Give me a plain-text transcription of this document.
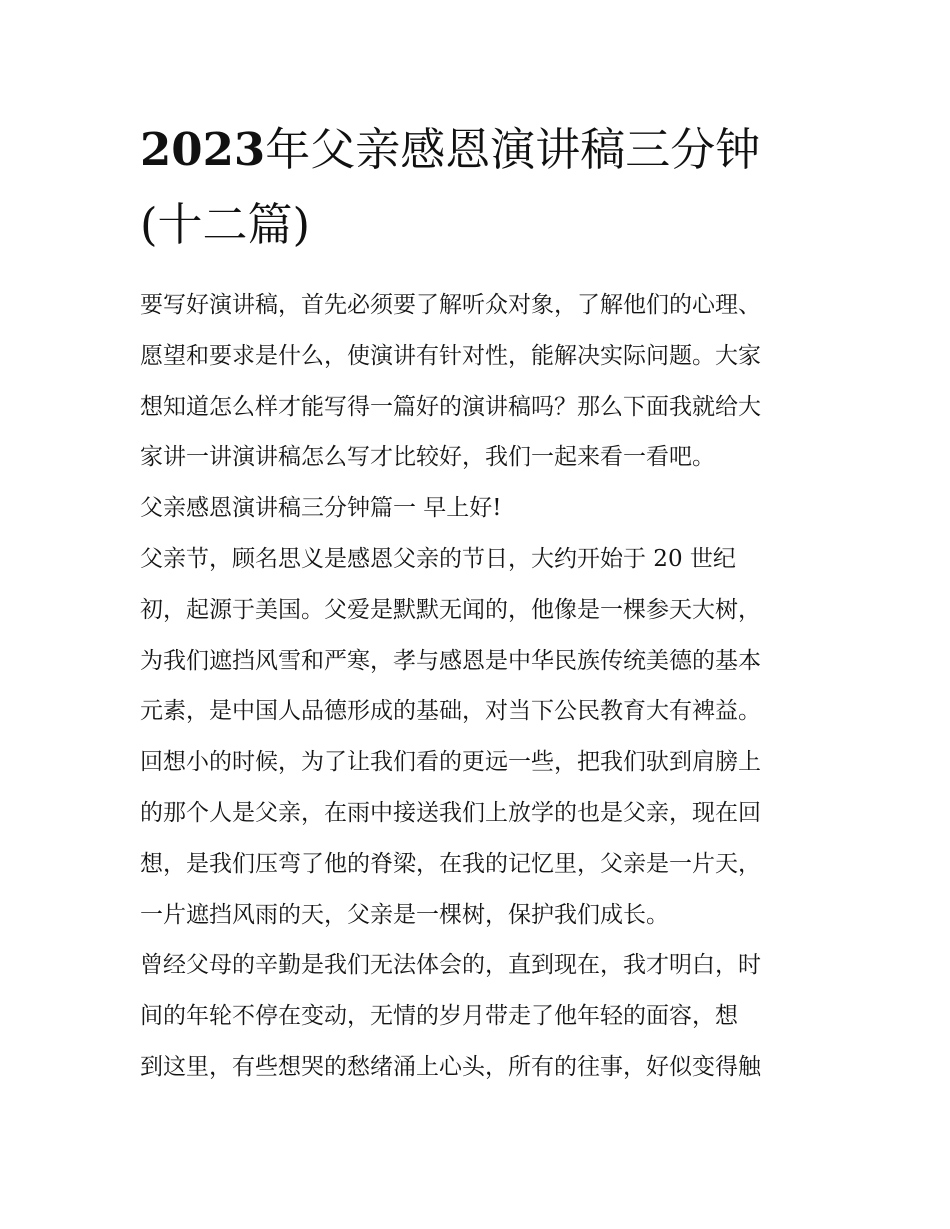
2023年父亲感恩演讲稿三分钟
(十二篇)
要写好演讲稿，首先必须要了解听众对象，了解他们的心理、
愿望和要求是什么，使演讲有针对性，能解决实际问题。大家
想知道怎么样才能写得一篇好的演讲稿吗？那么下面我就给大
家讲一讲演讲稿怎么写才比较好，我们一起来看一看吧。
父亲感恩演讲稿三分钟篇一 早上好!
父亲节，顾名思义是感恩父亲的节日，大约开始于 20 世纪
初，起源于美国。父爱是默默无闻的，他像是一棵参天大树，
为我们遮挡风雪和严寒，孝与感恩是中华民族传统美德的基本
元素，是中国人品德形成的基础，对当下公民教育大有裨益。
回想小的时候，为了让我们看的更远一些，把我们驮到肩膀上
的那个人是父亲，在雨中接送我们上放学的也是父亲，现在回
想，是我们压弯了他的脊梁，在我的记忆里，父亲是一片天，
一片遮挡风雨的天，父亲是一棵树，保护我们成长。
曾经父母的辛勤是我们无法体会的，直到现在，我才明白，时
间的年轮不停在变动，无情的岁月带走了他年轻的面容，想
到这里，有些想哭的愁绪涌上心头，所有的往事，好似变得触
